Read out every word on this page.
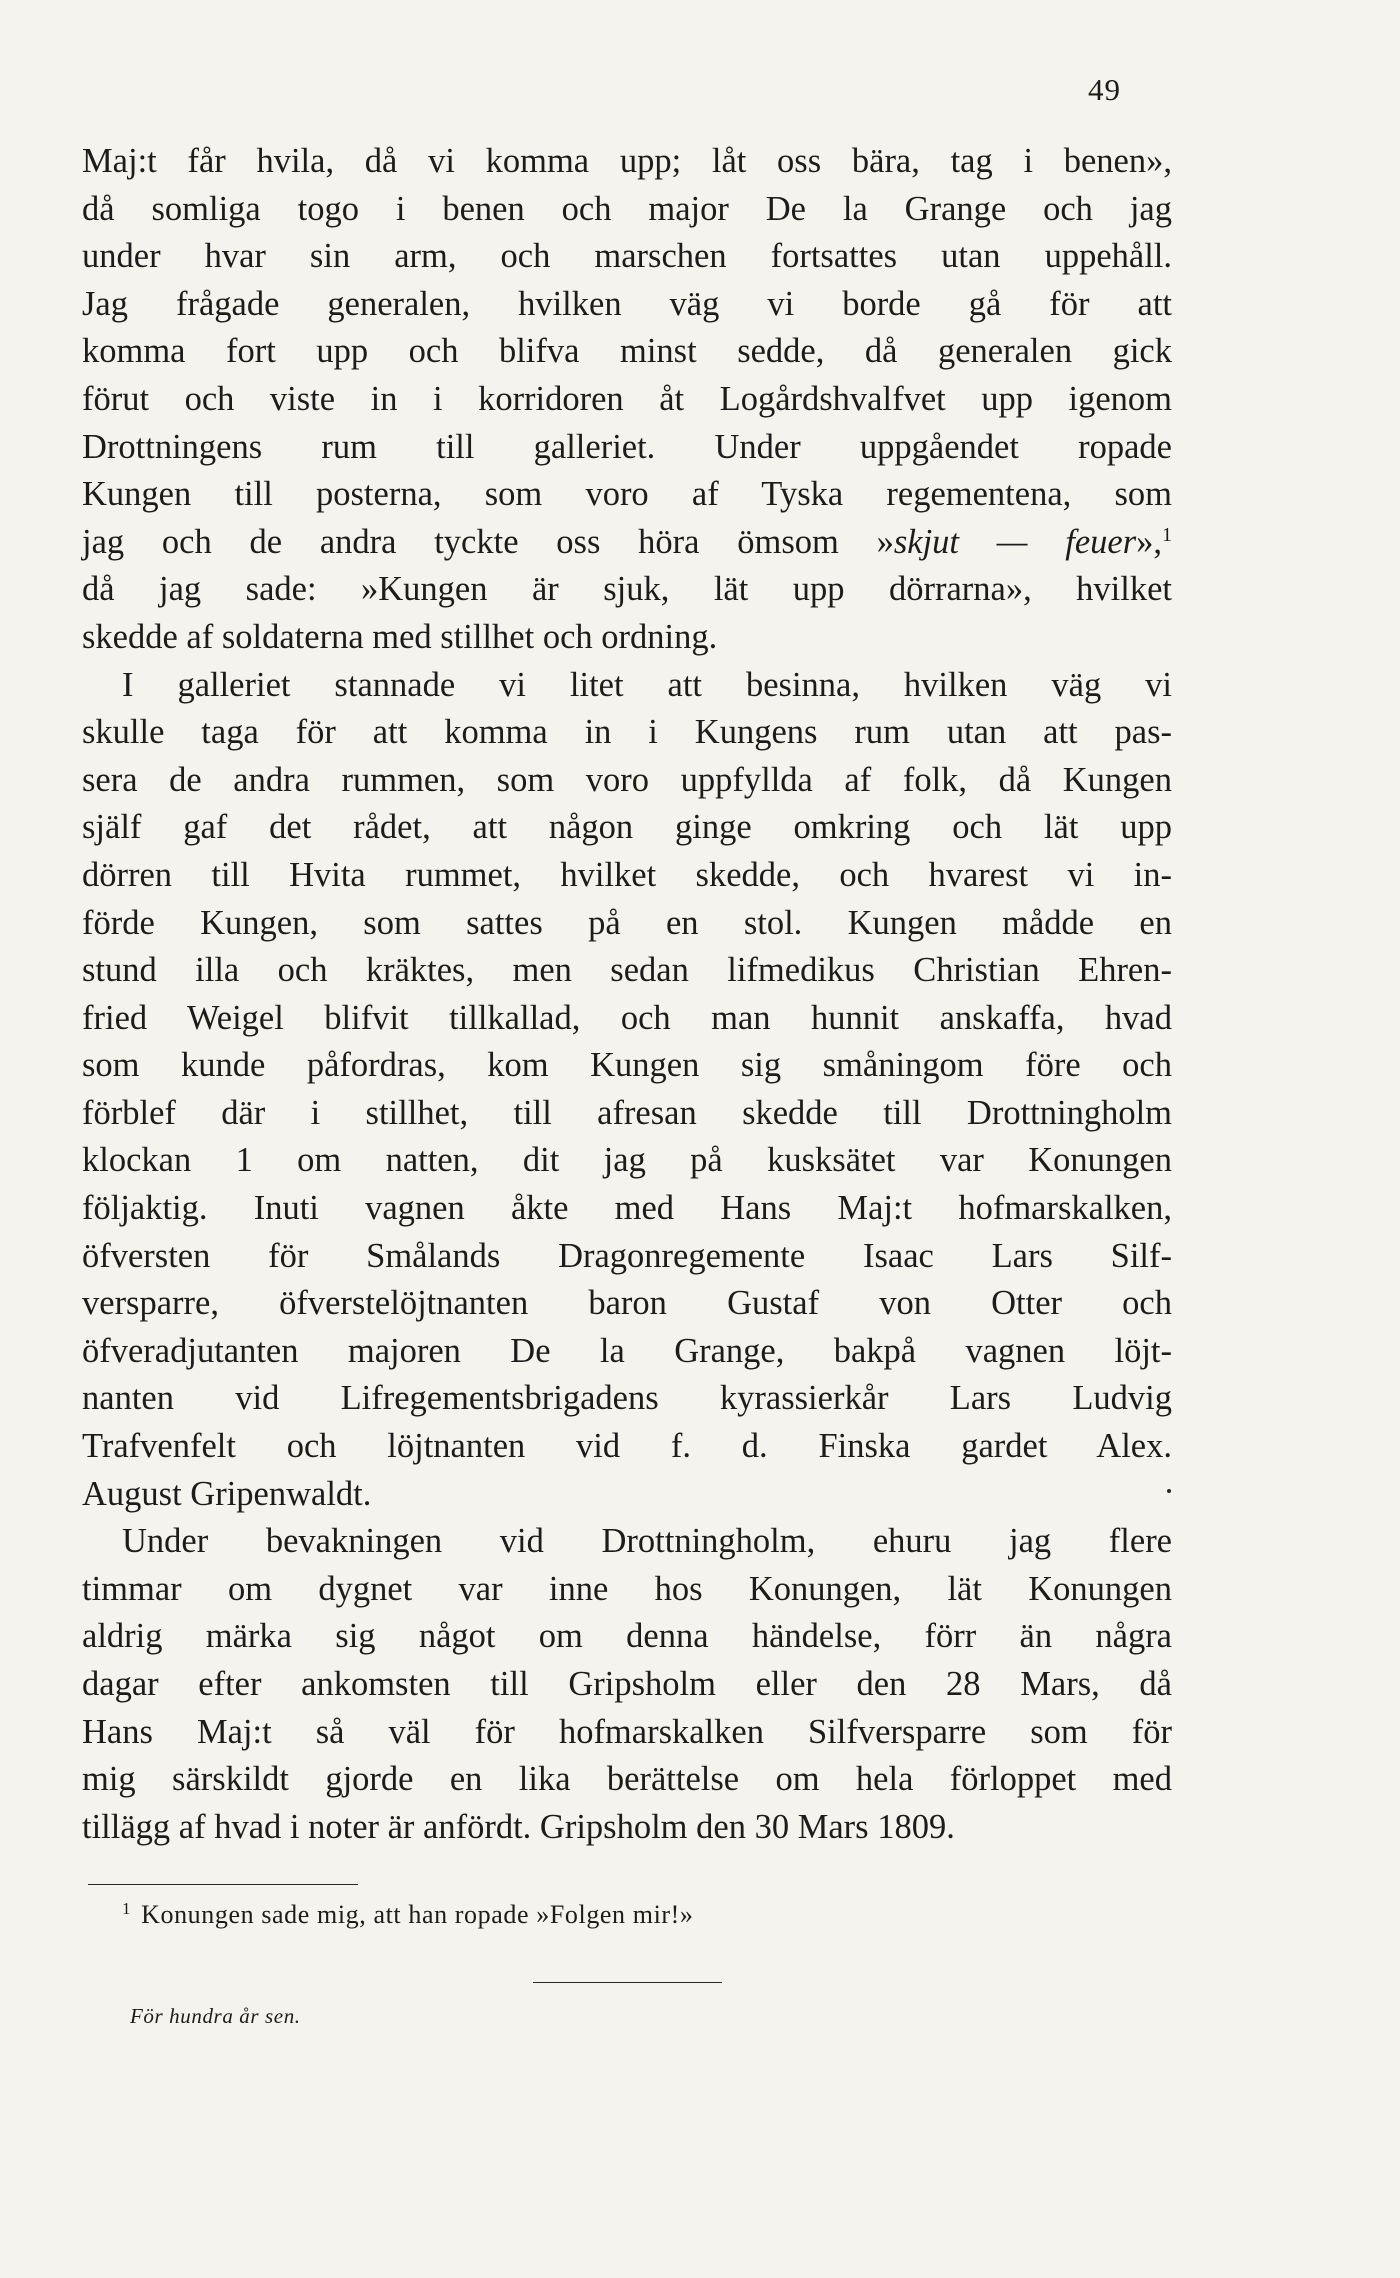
49
Maj:t får hvila, då vi komma upp; låt oss bära, tag i benen»,
då somliga togo i benen och major De la Grange och jag
under hvar sin arm, och marschen fortsattes utan uppehåll.
Jag frågade generalen, hvilken väg vi borde gå för att
komma fort upp och blifva minst sedde, då generalen gick
förut och viste in i korridoren åt Logårdshvalfvet upp igenom
Drottningens rum till galleriet. Under uppgåendet ropade
Kungen till posterna, som voro af Tyska regementena, som
jag och de andra tyckte oss höra ömsom »skjut — feuer»,$^1$
då jag sade: »Kungen är sjuk, lät upp dörrarna», hvilket
skedde af soldaterna med stillhet och ordning.
I galleriet stannade vi litet att besinna, hvilken väg vi
skulle taga för att komma in i Kungens rum utan att pas-
sera de andra rummen, som voro uppfyllda af folk, då Kungen
själf gaf det rådet, att någon ginge omkring och lät upp
dörren till Hvita rummet, hvilket skedde, och hvarest vi in-
förde Kungen, som sattes på en stol. Kungen mådde en
stund illa och kräktes, men sedan lifmedikus Christian Ehren-
fried Weigel blifvit tillkallad, och man hunnit anskaffa, hvad
som kunde påfordras, kom Kungen sig småningom före och
förblef där i stillhet, till afresan skedde till Drottningholm
klockan 1 om natten, dit jag på kusksätet var Konungen
följaktig. Inuti vagnen åkte med Hans Maj:t hofmarskalken,
öfversten för Smålands Dragonregemente Isaac Lars Silf-
versparre, öfverstelöjtnanten baron Gustaf von Otter och
öfveradjutanten majoren De la Grange, bakpå vagnen löjt-
nanten vid Lifregementsbrigadens kyrassierkår Lars Ludvig
Trafvenfelt och löjtnanten vid f. d. Finska gardet Alex.
August Gripenwaldt.
Under bevakningen vid Drottningholm, ehuru jag flere
timmar om dygnet var inne hos Konungen, lät Konungen
aldrig märka sig något om denna händelse, förr än några
dagar efter ankomsten till Gripsholm eller den 28 Mars, då
Hans Maj:t så väl för hofmarskalken Silfversparre som för
mig särskildt gjorde en lika berättelse om hela förloppet med
tillägg af hvad i noter är anfördt. Gripsholm den 30 Mars 1809.
$^1$ Konungen sade mig, att han ropade »Folgen mir!»
För hundra år sen.
